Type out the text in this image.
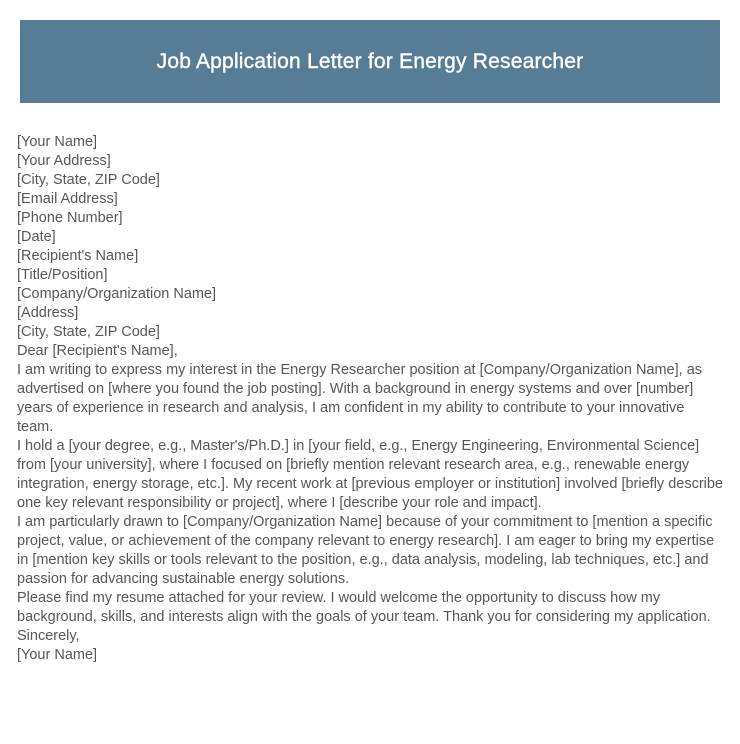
Job Application Letter for Energy Researcher
[Your Name]
[Your Address]
[City, State, ZIP Code]
[Email Address]
[Phone Number]
[Date]
[Recipient's Name]
[Title/Position]
[Company/Organization Name]
[Address]
[City, State, ZIP Code]

Dear [Recipient's Name],

I am writing to express my interest in the Energy Researcher position at [Company/Organization Name], as advertised on [where you found the job posting]. With a background in energy systems and over [number] years of experience in research and analysis, I am confident in my ability to contribute to your innovative team.

I hold a [your degree, e.g., Master's/Ph.D.] in [your field, e.g., Energy Engineering, Environmental Science] from [your university], where I focused on [briefly mention relevant research area, e.g., renewable energy integration, energy storage, etc.]. My recent work at [previous employer or institution] involved [briefly describe one key relevant responsibility or project], where I [describe your role and impact].

I am particularly drawn to [Company/Organization Name] because of your commitment to [mention a specific project, value, or achievement of the company relevant to energy research]. I am eager to bring my expertise in [mention key skills or tools relevant to the position, e.g., data analysis, modeling, lab techniques, etc.] and passion for advancing sustainable energy solutions.

Please find my resume attached for your review. I would welcome the opportunity to discuss how my background, skills, and interests align with the goals of your team. Thank you for considering my application.

Sincerely,

[Your Name]
